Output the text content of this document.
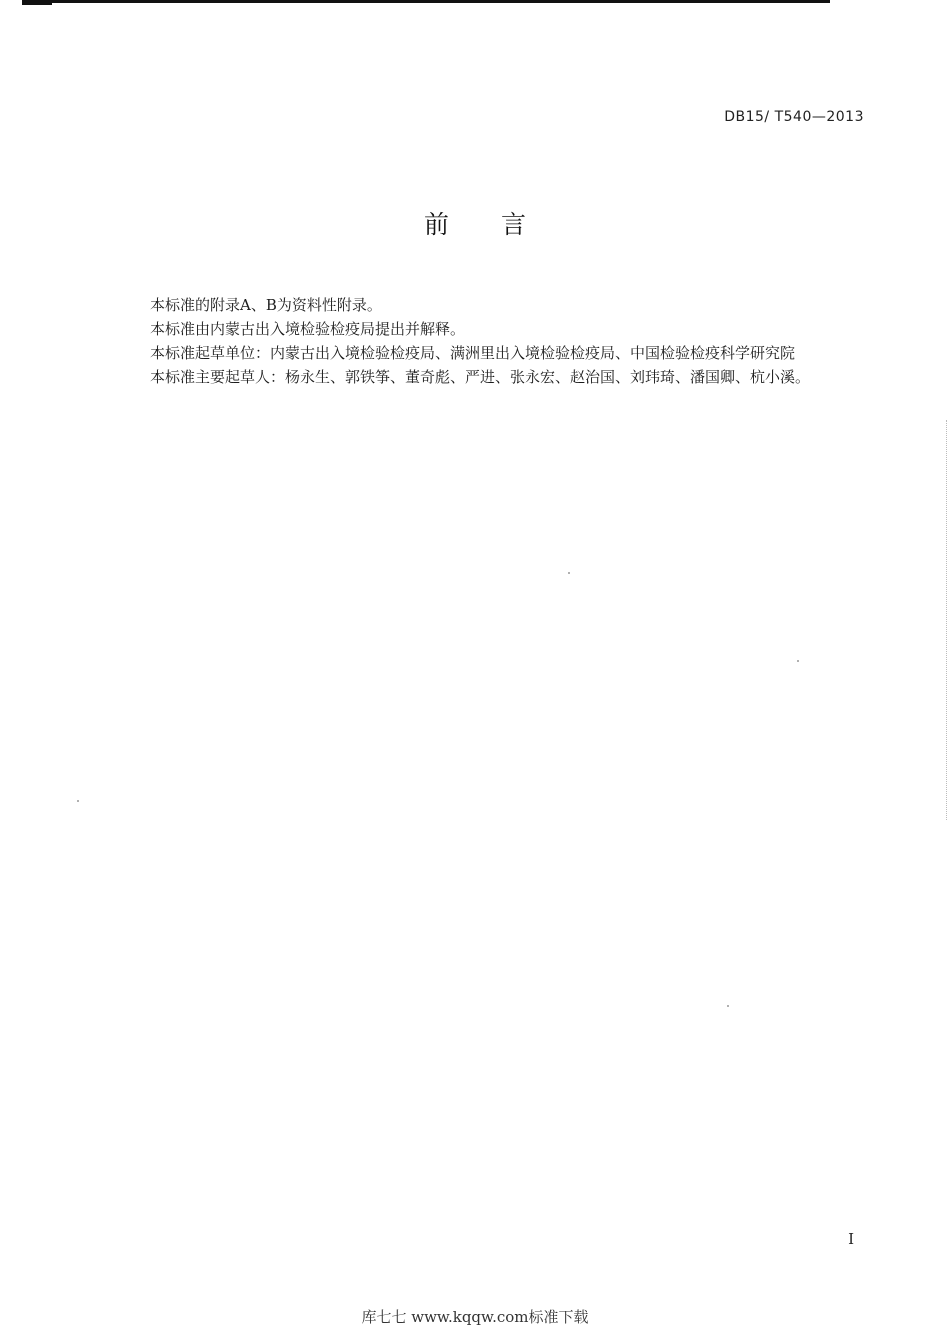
DB15/ T540—2013
前言

本标准的附录A、B为资料性附录。

本标准由内蒙古出入境检验检疫局提出并解释。

本标准起草单位：内蒙古出入境检验检疫局、满洲里出入境检验检疫局、中国检验检疫科学研究院

本标准主要起草人：杨永生、郭铁筝、董奇彪、严进、张永宏、赵治国、刘玮琦、潘国卿、杭小溪。

I
库七七 www.kqqw.com标准下载
